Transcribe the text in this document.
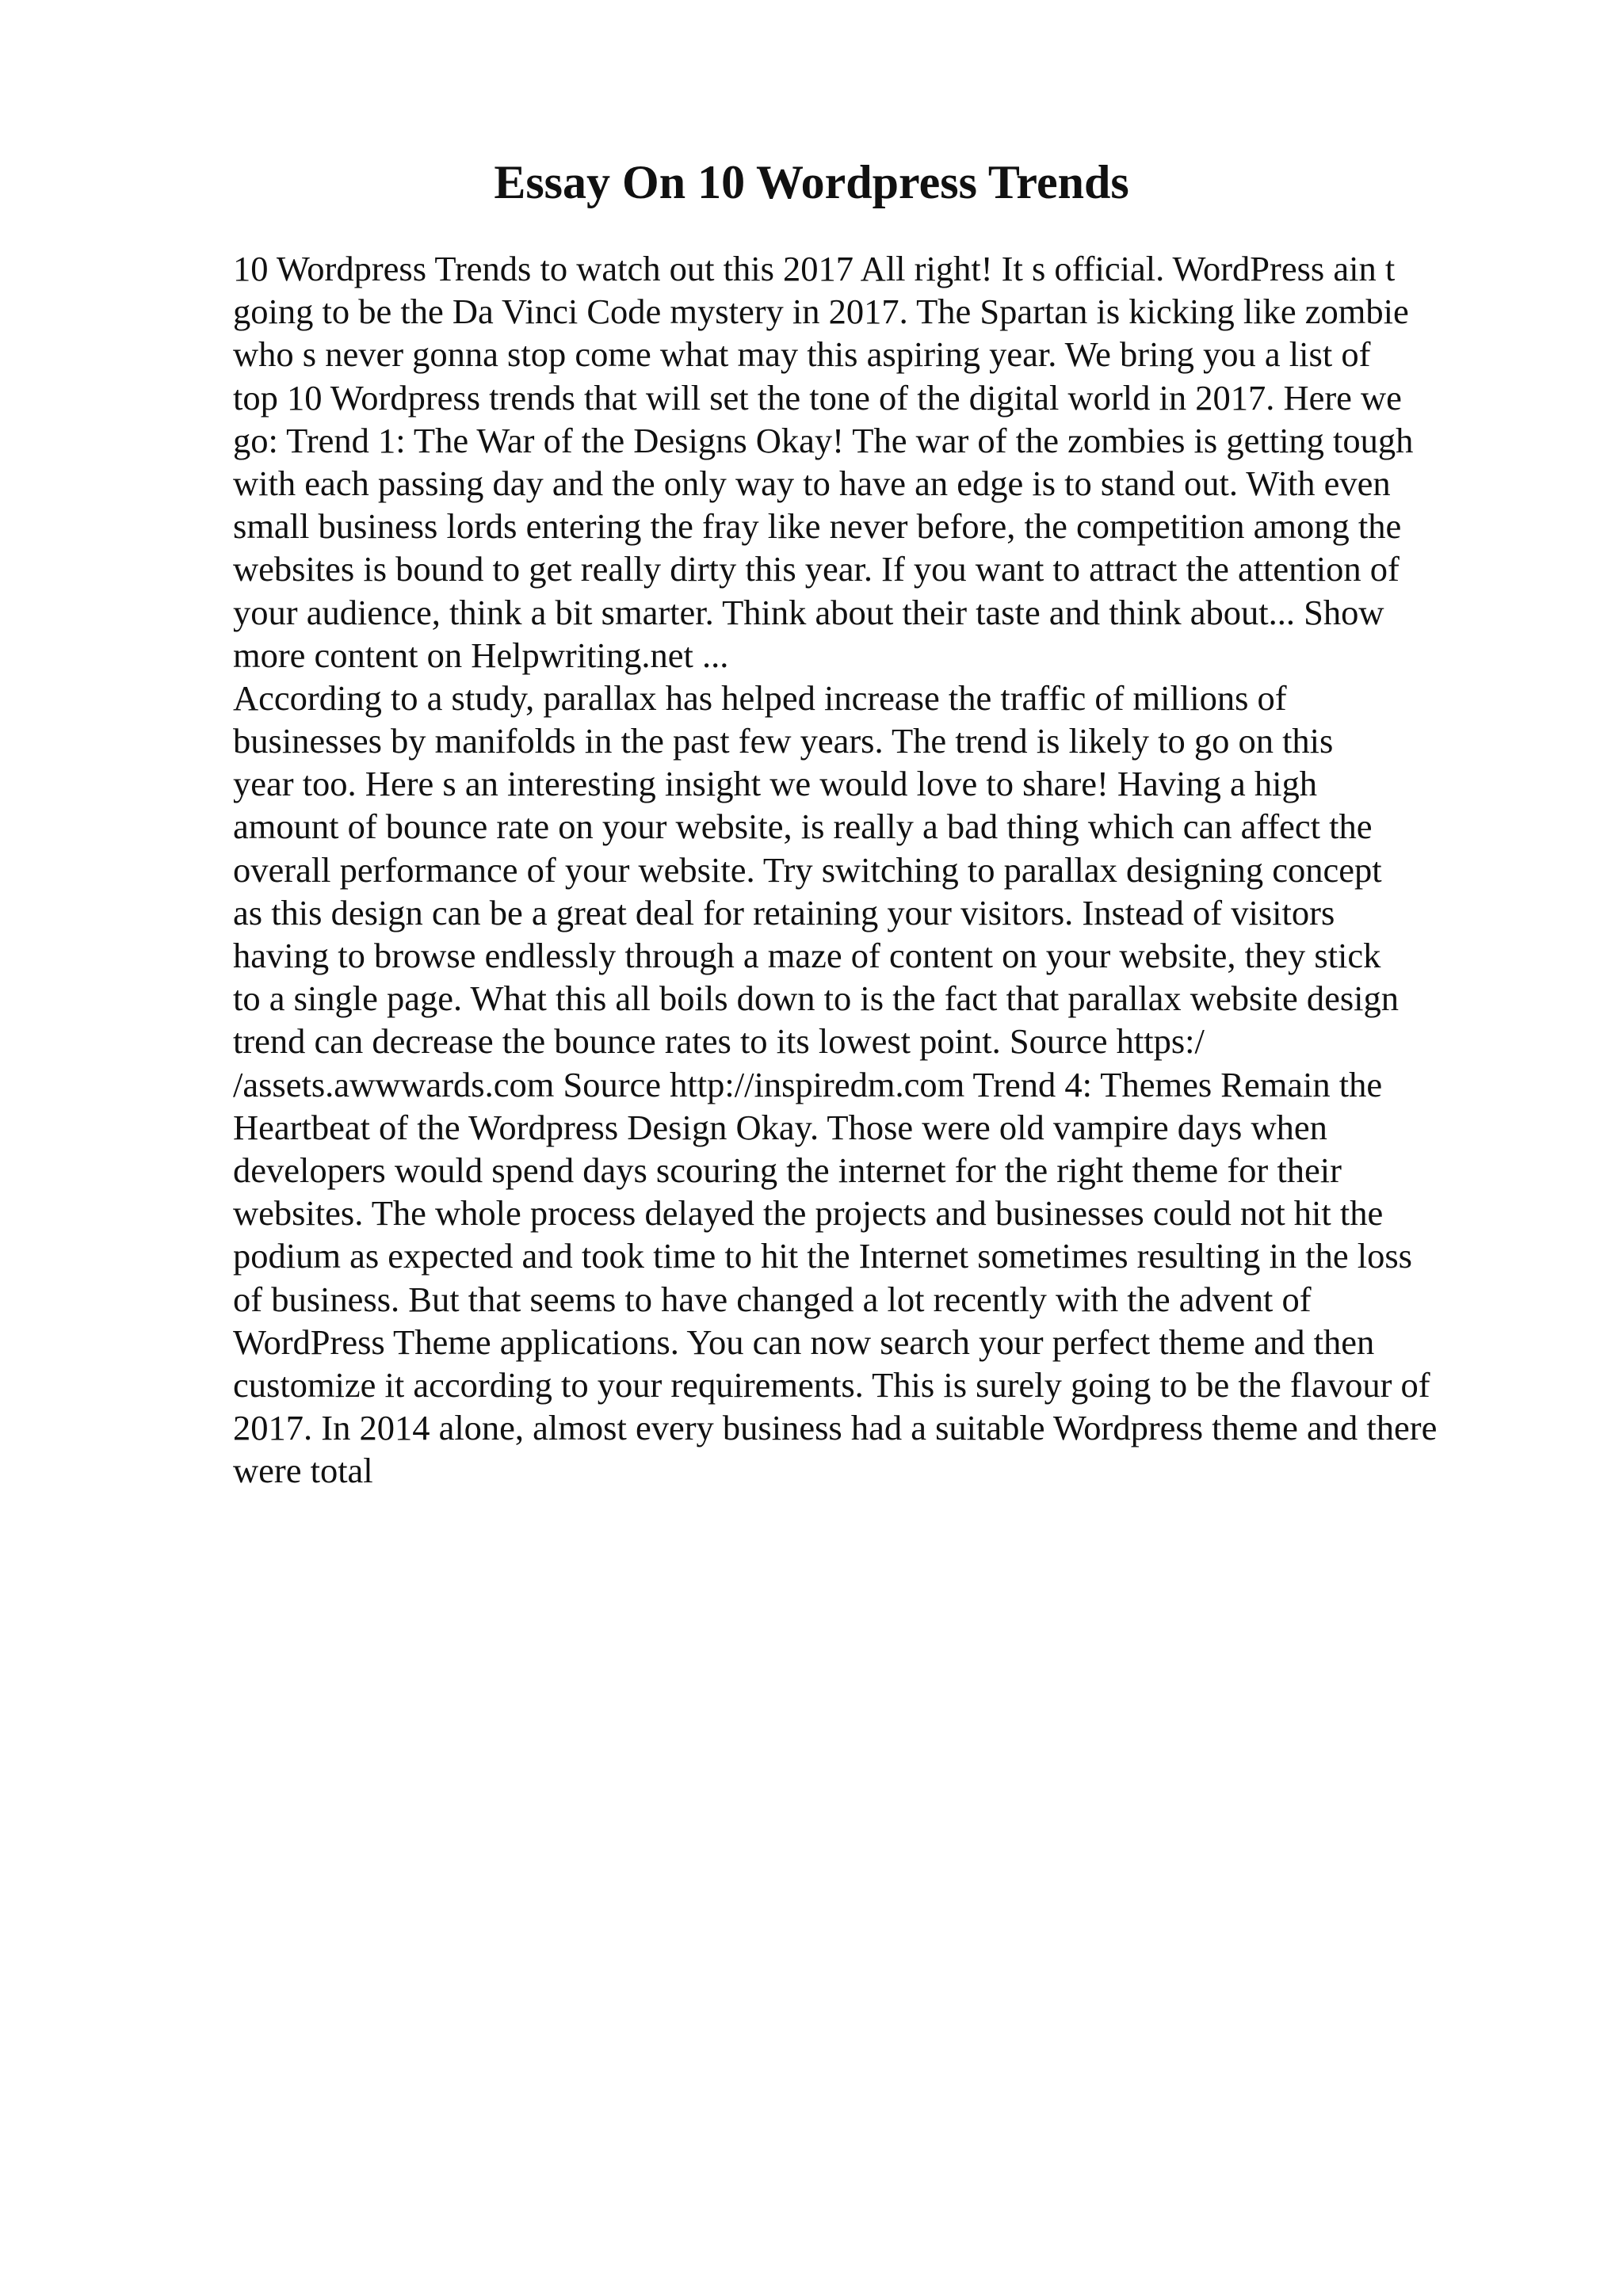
Essay On 10 Wordpress Trends
10 Wordpress Trends to watch out this 2017 All right! It s official. WordPress ain t
going to be the Da Vinci Code mystery in 2017. The Spartan is kicking like zombie
who s never gonna stop come what may this aspiring year. We bring you a list of
top 10 Wordpress trends that will set the tone of the digital world in 2017. Here we
go: Trend 1: The War of the Designs Okay! The war of the zombies is getting tough
with each passing day and the only way to have an edge is to stand out. With even
small business lords entering the fray like never before, the competition among the
websites is bound to get really dirty this year. If you want to attract the attention of
your audience, think a bit smarter. Think about their taste and think about... Show
more content on Helpwriting.net ...
According to a study, parallax has helped increase the traffic of millions of
businesses by manifolds in the past few years. The trend is likely to go on this
year too. Here s an interesting insight we would love to share! Having a high
amount of bounce rate on your website, is really a bad thing which can affect the
overall performance of your website. Try switching to parallax designing concept
as this design can be a great deal for retaining your visitors. Instead of visitors
having to browse endlessly through a maze of content on your website, they stick
to a single page. What this all boils down to is the fact that parallax website design
trend can decrease the bounce rates to its lowest point. Source https:/
/assets.awwwards.com Source http://inspiredm.com Trend 4: Themes Remain the
Heartbeat of the Wordpress Design Okay. Those were old vampire days when
developers would spend days scouring the internet for the right theme for their
websites. The whole process delayed the projects and businesses could not hit the
podium as expected and took time to hit the Internet sometimes resulting in the loss
of business. But that seems to have changed a lot recently with the advent of
WordPress Theme applications. You can now search your perfect theme and then
customize it according to your requirements. This is surely going to be the flavour of
2017. In 2014 alone, almost every business had a suitable Wordpress theme and there
were total
